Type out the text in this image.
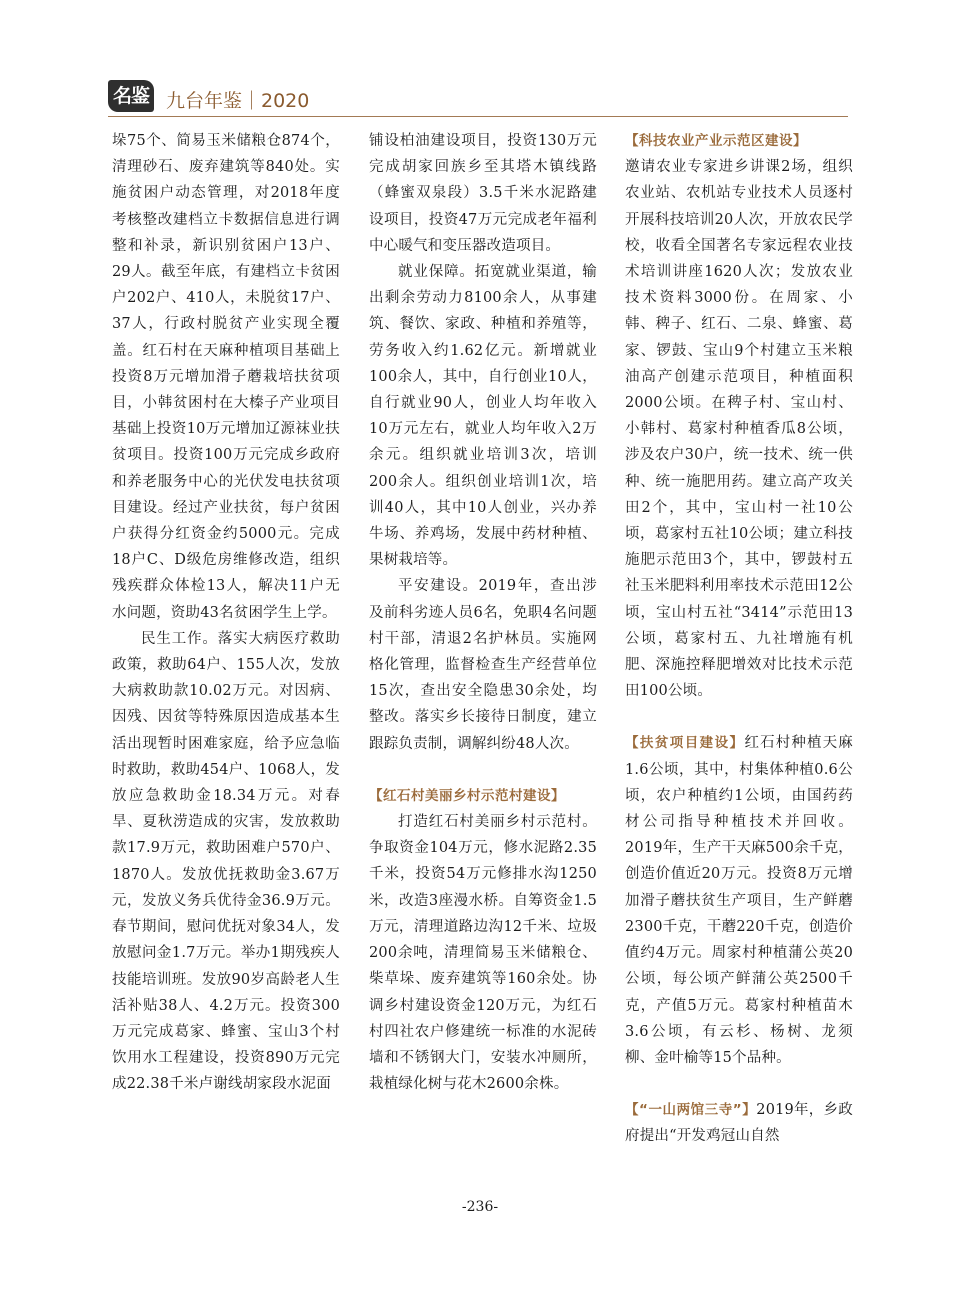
名鉴 九台年鉴｜2020

垛75个、简易玉米储粮仓874个，清理砂石、废弃建筑等840处。实施贫困户动态管理，对2018年度考核整改建档立卡数据信息进行调整和补录，新识别贫困户13户、29人。截至年底，有建档立卡贫困户202户、410人，未脱贫17户、37人，行政村脱贫产业实现全覆盖。红石村在天麻种植项目基础上投资8万元增加滑子蘑栽培扶贫项目，小韩贫困村在大榛子产业项目基础上投资10万元增加辽源袜业扶贫项目。投资100万元完成乡政府和养老服务中心的光伏发电扶贫项目建设。经过产业扶贫，每户贫困户获得分红资金约5000元。完成18户C、D级危房维修改造，组织残疾群众体检13人，解决11户无水问题，资助43名贫困学生上学。

民生工作。落实大病医疗救助政策，救助64户、155人次，发放大病救助款10.02万元。对因病、因残、因贫等特殊原因造成基本生活出现暂时困难家庭，给予应急临时救助，救助454户、1068人，发放应急救助金18.34万元。对春旱、夏秋涝造成的灾害，发放救助款17.9万元，救助困难户570户、1870人。发放优抚救助金3.67万元，发放义务兵优待金36.9万元。春节期间，慰问优抚对象34人，发放慰问金1.7万元。举办1期残疾人技能培训班。发放90岁高龄老人生活补贴38人、4.2万元。投资300万元完成葛家、蜂蜜、宝山3个村饮用水工程建设，投资890万元完成22.38千米卢谢线胡家段水泥面

铺设柏油建设项目，投资130万元完成胡家回族乡至其塔木镇线路（蜂蜜双泉段）3.5千米水泥路建设项目，投资47万元完成老年福利中心暖气和变压器改造项目。

就业保障。拓宽就业渠道，输出剩余劳动力8100余人，从事建筑、餐饮、家政、种植和养殖等，劳务收入约1.62亿元。新增就业100余人，其中，自行创业10人，自行就业90人，创业人均年收入10万元左右，就业人均年收入2万余元。组织就业培训3次，培训200余人。组织创业培训1次，培训40人，其中10人创业，兴办养牛场、养鸡场，发展中药材种植、果树栽培等。

平安建设。2019年，查出涉及前科劣迹人员6名，免职4名问题村干部，清退2名护林员。实施网格化管理，监督检查生产经营单位15次，查出安全隐患30余处，均整改。落实乡长接待日制度，建立跟踪负责制，调解纠纷48人次。

【红石村美丽乡村示范村建设】

打造红石村美丽乡村示范村。争取资金104万元，修水泥路2.35千米，投资54万元修排水沟1250米，改造3座漫水桥。自筹资金1.5万元，清理道路边沟12千米、垃圾200余吨，清理简易玉米储粮仓、柴草垛、废弃建筑等160余处。协调乡村建设资金120万元，为红石村四社农户修建统一标准的水泥砖墙和不锈钢大门，安装水冲厕所，栽植绿化树与花木2600余株。

【科技农业产业示范区建设】

邀请农业专家进乡讲课2场，组织农业站、农机站专业技术人员逐村开展科技培训20人次，开放农民学校，收看全国著名专家远程农业技术培训讲座1620人次；发放农业技术资料3000份。在周家、小韩、稗子、红石、二泉、蜂蜜、葛家、锣鼓、宝山9个村建立玉米粮油高产创建示范项目，种植面积2000公顷。在稗子村、宝山村、小韩村、葛家村种植香瓜8公顷，涉及农户30户，统一技术、统一供种、统一施肥用药。建立高产攻关田2个，其中，宝山村一社10公顷，葛家村五社10公顷；建立科技施肥示范田3个，其中，锣鼓村五社玉米肥料利用率技术示范田12公顷，宝山村五社“3414”示范田13公顷，葛家村五、九社增施有机肥、深施控释肥增效对比技术示范田100公顷。

【扶贫项目建设】红石村种植天麻1.6公顷，其中，村集体种植0.6公顷，农户种植约1公顷，由国药药材公司指导种植技术并回收。2019年，生产干天麻500余千克，创造价值近20万元。投资8万元增加滑子蘑扶贫生产项目，生产鲜蘑2300千克，干蘑220千克，创造价值约4万元。周家村种植蒲公英20公顷，每公顷产鲜蒲公英2500千克，产值5万元。葛家村种植苗木3.6公顷，有云杉、杨树、龙须柳、金叶榆等15个品种。

【“一山两馆三寺”】2019年，乡政府提出“开发鸡冠山自然

-236-
